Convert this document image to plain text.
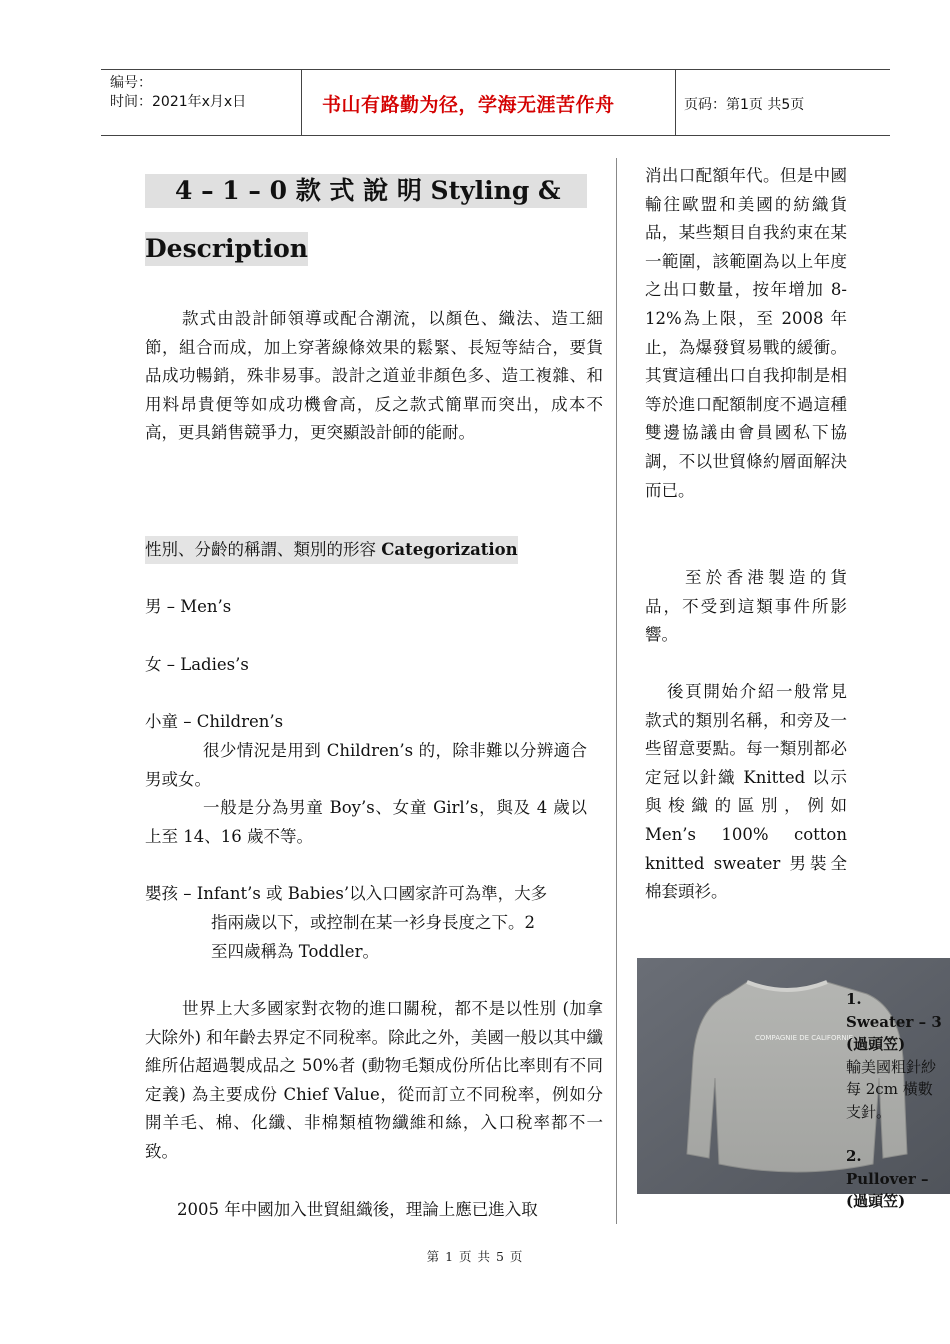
编号：
时间：2021年x月x日	书山有路勤为径，学海无涯苦作舟	页码：第1页 共5页
4 – 1 – 0 款 式 說 明 Styling &
Description
款式由設計師領導或配合潮流，以顏色、織法、造工細節，組合而成，加上穿著線條效果的鬆緊、長短等結合，要貨品成功暢銷，殊非易事。設計之道並非顏色多、造工複雜、和用料昂貴便等如成功機會高，反之款式簡單而突出，成本不高，更具銷售競爭力，更突顯設計師的能耐。
性別、分齡的稱謂、類別的形容 Categorization
男 – Men’s
女 – Ladies’s
小童 – Children’s
很少情況是用到 Children’s 的，除非難以分辨適合男或女。
一般是分為男童 Boy’s、女童 Girl’s，與及 4 歲以上至 14、16 歲不等。
嬰孩 – Infant’s 或 Babies’以入口國家許可為準，大多
指兩歲以下，或控制在某一衫身長度之下。2
至四歲稱為 Toddler。
世界上大多國家對衣物的進口關稅，都不是以性別 (加拿大除外) 和年齡去界定不同稅率。除此之外，美國一般以其中纖維所佔超過製成品之 50%者 (動物毛類成份所佔比率則有不同定義) 為主要成份 Chief Value，從而訂立不同稅率，例如分開羊毛、棉、化纖、非棉類植物纖維和絲，入口稅率都不一致。
2005 年中國加入世貿組織後，理論上應已進入取
消出口配額年代。但是中國輸往歐盟和美國的紡織貨品，某些類目自我約束在某一範圍，該範圍為以上年度之出口數量，按年增加 8-12%為上限，至 2008 年止，為爆發貿易戰的緩衝。其實這種出口自我抑制是相等於進口配額制度不過這種雙邊協議由會員國私下協調，不以世貿條約層面解決而已。
至於香港製造的貨品，不受到這類事件所影響。
後頁開始介紹一般常見款式的類別名稱，和旁及一些留意要點。每一類別都必定冠以針織 Knitted 以示與梭織的區別，例如 Men’s 100% cotton knitted sweater 男裝全棉套頭衫。
COMPAGNIE DE CALIFORNIE
1.
Sweater – 3
(過頭笠)
輸美國粗針紗
每 2cm 橫數
支針。
2.
Pullover –
(過頭笠)
第 1 页 共 5 页
